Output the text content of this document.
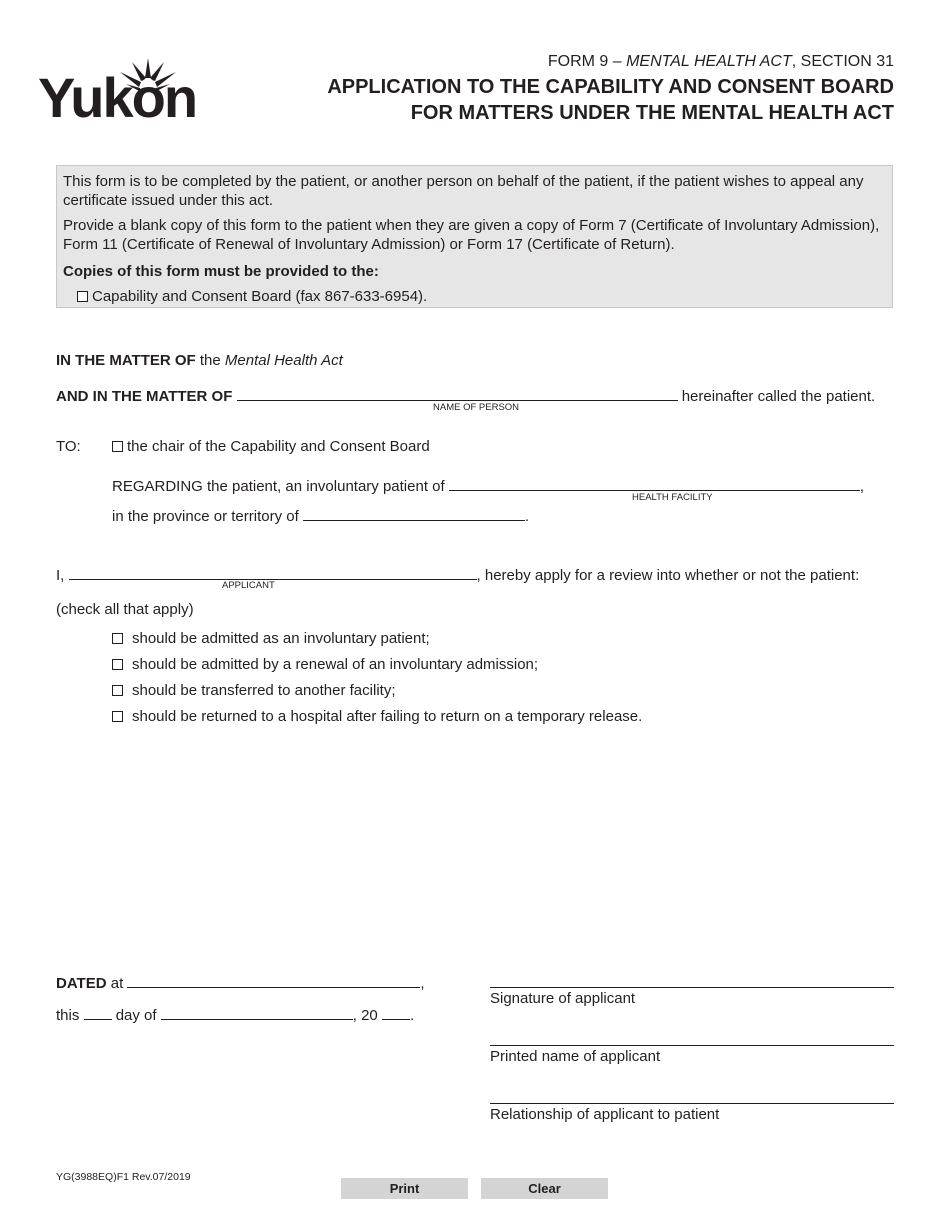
Yukon
FORM 9 – MENTAL HEALTH ACT, SECTION 31
APPLICATION TO THE CAPABILITY AND CONSENT BOARD
FOR MATTERS UNDER THE MENTAL HEALTH ACT

This form is to be completed by the patient, or another person on behalf of the patient, if the patient wishes to appeal any certificate issued under this act.

Provide a blank copy of this form to the patient when they are given a copy of Form 7 (Certificate of Involuntary Admission), Form 11 (Certificate of Renewal of Involuntary Admission) or Form 17 (Certificate of Return).

Copies of this form must be provided to the:

Capability and Consent Board (fax 867-633-6954).
IN THE MATTER OF the Mental Health Act
AND IN THE MATTER OF	hereinafter called the patient.
NAME OF PERSON
TO:	the chair of the Capability and Consent Board
REGARDING the patient, an involuntary patient of	,
HEALTH FACILITY
in the province or territory of	.
I,	, hereby apply for a review into whether or not the patient:
APPLICANT
(check all that apply)
should be admitted as an involuntary patient;
should be admitted by a renewal of an involuntary admission;
should be transferred to another facility;
should be returned to a hospital after failing to return on a temporary release.
DATED at	,
this day of	, 20 .
Signature of applicant
Printed name of applicant
Relationship of applicant to patient
YG(3988EQ)F1 Rev.07/2019
Print	Clear
